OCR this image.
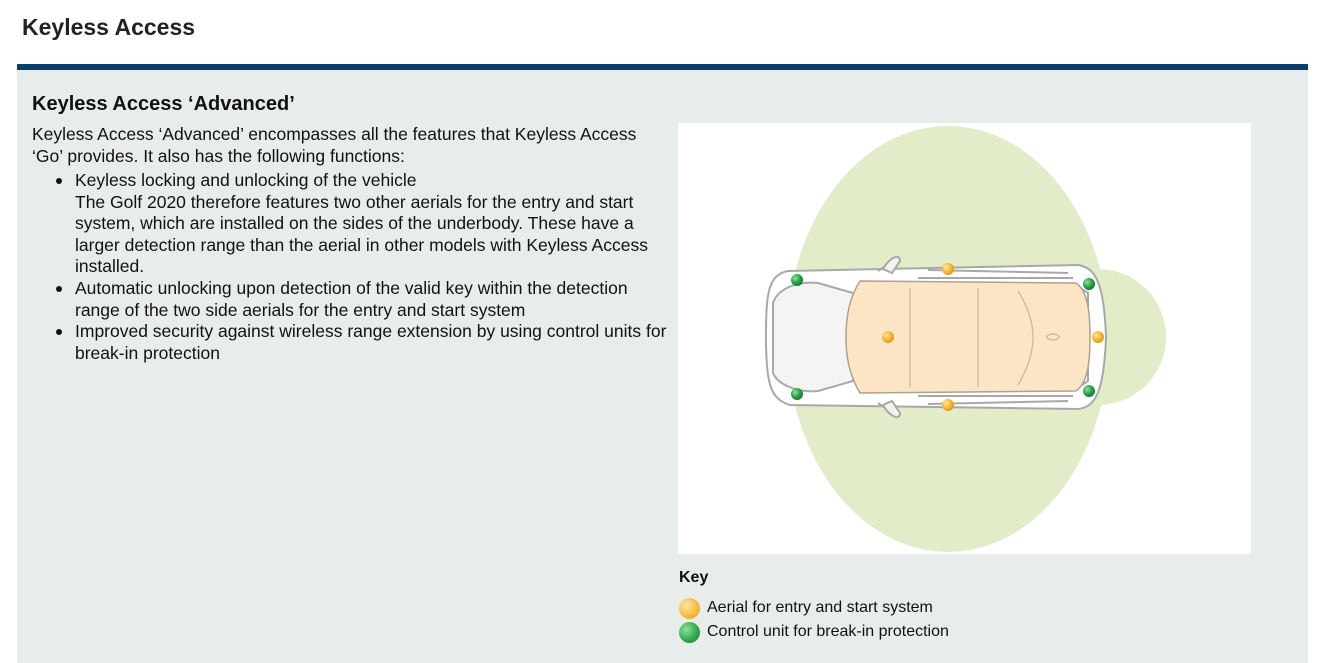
Keyless Access
Keyless Access ‘Advanced’
Keyless Access ‘Advanced’ encompasses all the features that Keyless Access ‘Go’ provides. It also has the following functions:
Keyless locking and unlocking of the vehicle
The Golf 2020 therefore features two other aerials for the entry and start system, which are installed on the sides of the underbody. These have a larger detection range than the aerial in other models with Keyless Access installed.
Automatic unlocking upon detection of the valid key within the detection range of the two side aerials for the entry and start system
Improved security against wireless range extension by using control units for break-in protection
Key
Aerial for entry and start system
Control unit for break-in protection
